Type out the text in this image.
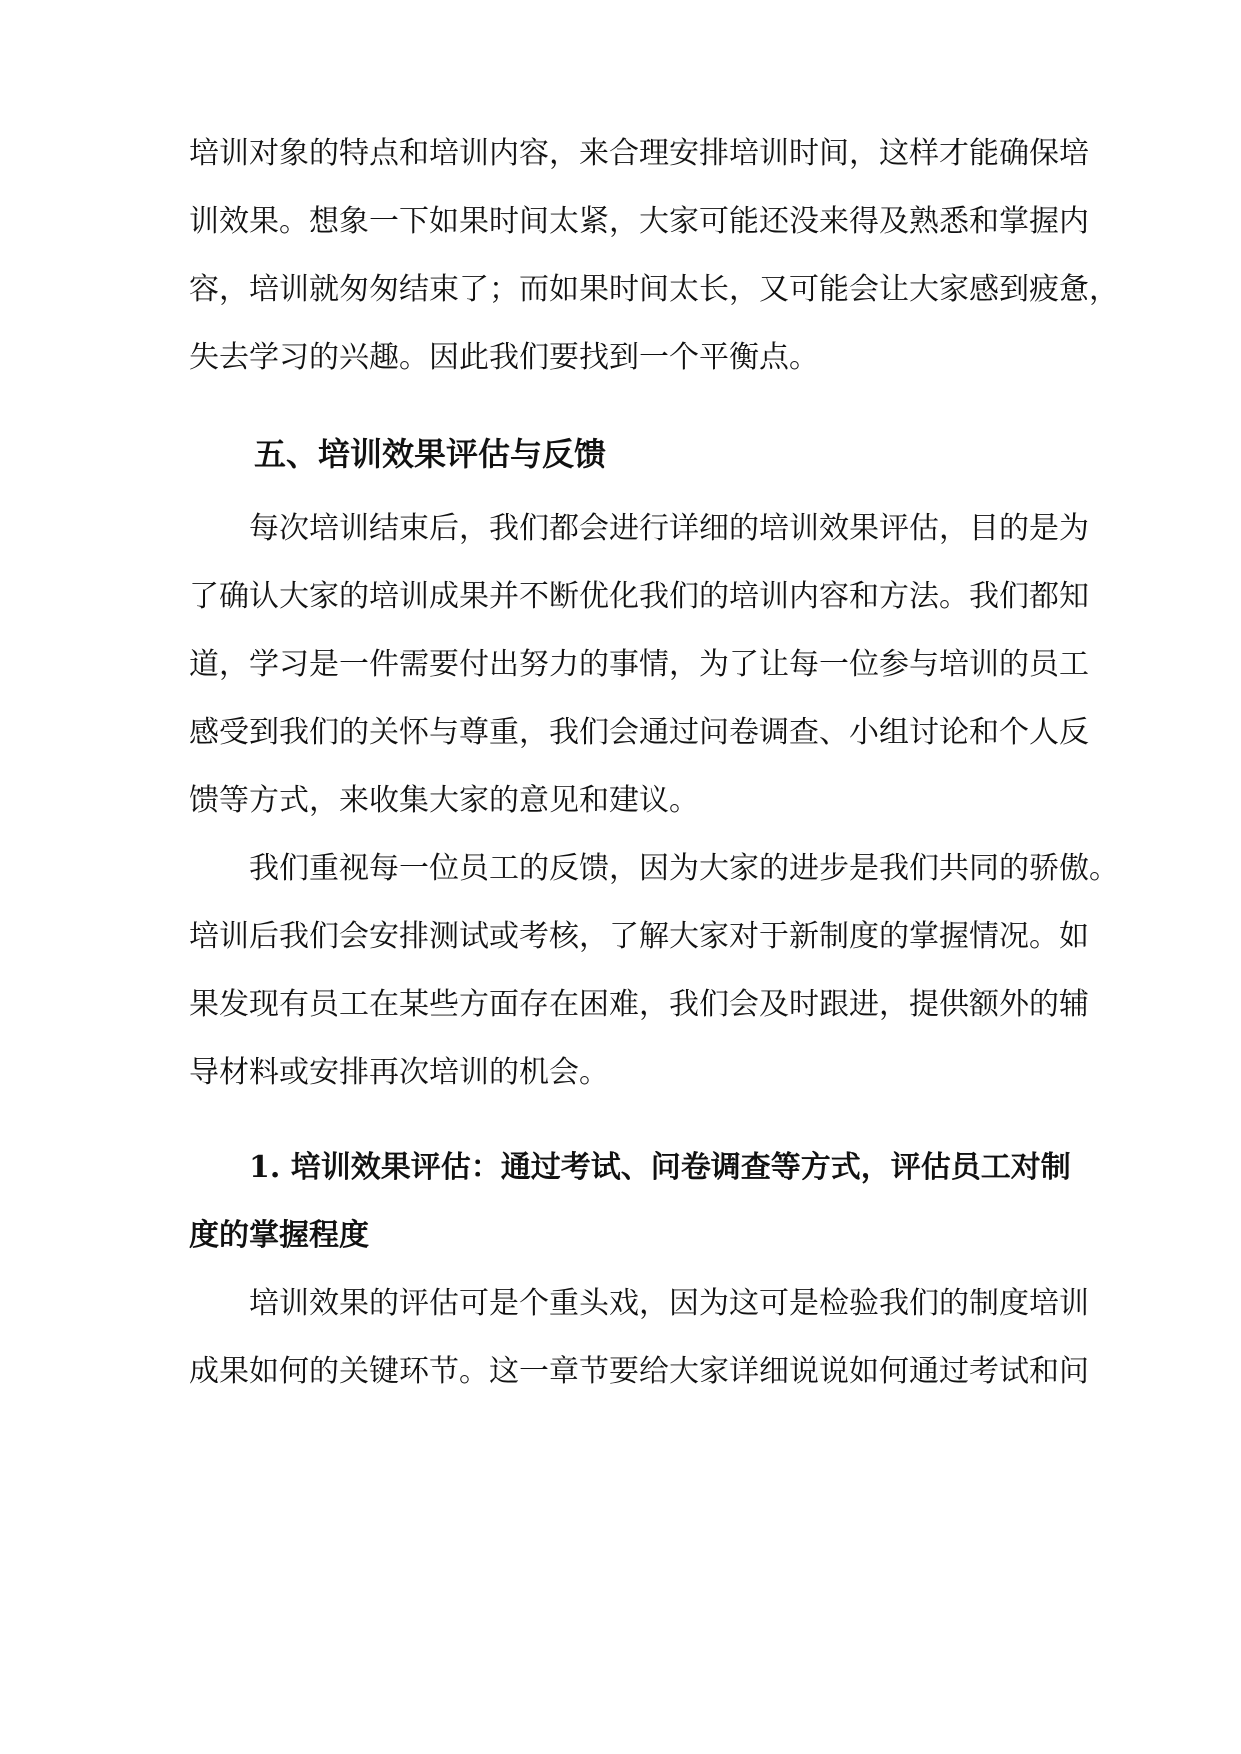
培训对象的特点和培训内容，来合理安排培训时间，这样才能确保培
训效果。想象一下如果时间太紧，大家可能还没来得及熟悉和掌握内
容，培训就匆匆结束了；而如果时间太长，又可能会让大家感到疲惫，
失去学习的兴趣。因此我们要找到一个平衡点。
五、培训效果评估与反馈
每次培训结束后，我们都会进行详细的培训效果评估，目的是为
了确认大家的培训成果并不断优化我们的培训内容和方法。我们都知
道，学习是一件需要付出努力的事情，为了让每一位参与培训的员工
感受到我们的关怀与尊重，我们会通过问卷调查、小组讨论和个人反
馈等方式，来收集大家的意见和建议。
我们重视每一位员工的反馈，因为大家的进步是我们共同的骄傲。
培训后我们会安排测试或考核，了解大家对于新制度的掌握情况。如
果发现有员工在某些方面存在困难，我们会及时跟进，提供额外的辅
导材料或安排再次培训的机会。
1. 培训效果评估：通过考试、问卷调查等方式，评估员工对制
度的掌握程度
培训效果的评估可是个重头戏，因为这可是检验我们的制度培训
成果如何的关键环节。这一章节要给大家详细说说如何通过考试和问
